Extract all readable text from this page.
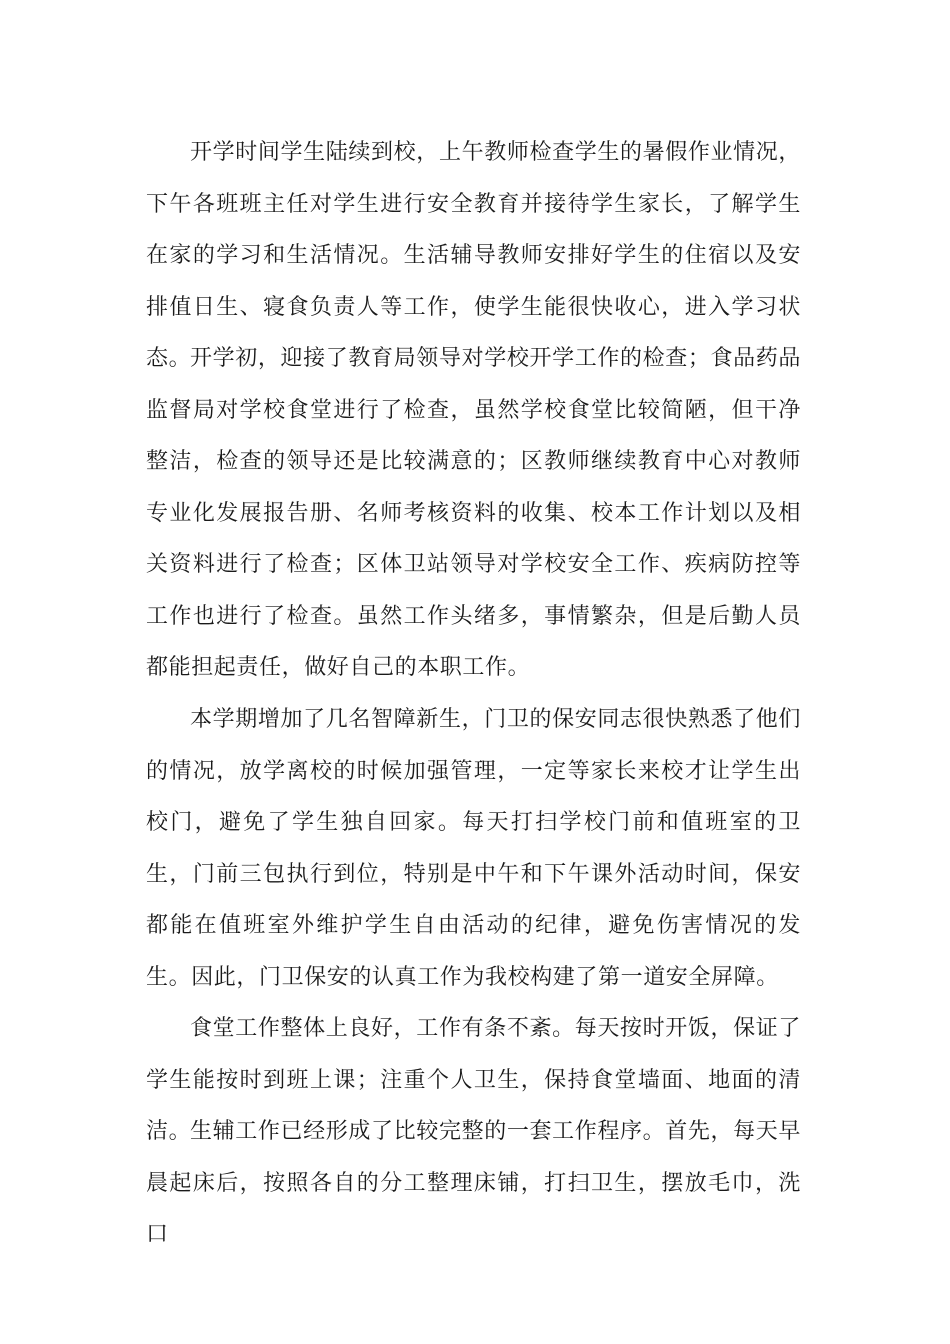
开学时间学生陆续到校，上午教师检查学生的暑假作业情况，下午各班班主任对学生进行安全教育并接待学生家长，了解学生在家的学习和生活情况。生活辅导教师安排好学生的住宿以及安排值日生、寝食负责人等工作，使学生能很快收心，进入学习状态。

开学初，迎接了教育局领导对学校开学工作的检查；食品药品监督局对学校食堂进行了检查，虽然学校食堂比较简陋，但干净整洁，检查的领导还是比较满意的；区教师继续教育中心对教师专业化发展报告册、名师考核资料的收集、校本工作计划以及相关资料进行了检查；区体卫站领导对学校安全工作、疾病防控等工作也进行了检查。虽然工作头绪多，事情繁杂，但是后勤人员都能担起责任，做好自己的本职工作。

本学期增加了几名智障新生，门卫的保安同志很快熟悉了他们的情况，放学离校的时候加强管理，一定等家长来校才让学生出校门，避免了学生独自回家。每天打扫学校门前和值班室的卫生，门前三包执行到位，特别是中午和下午课外活动时间，保安都能在值班室外维护学生自由活动的纪律，避免伤害情况的发生。因此，门卫保安的认真工作为我校构建了第一道安全屏障。

食堂工作整体上良好，工作有条不紊。每天按时开饭，保证了学生能按时到班上课；注重个人卫生，保持食堂墙面、地面的清洁。

生辅工作已经形成了比较完整的一套工作程序。首先，每天早晨起床后，按照各自的分工整理床铺，打扫卫生，摆放毛巾，洗口
